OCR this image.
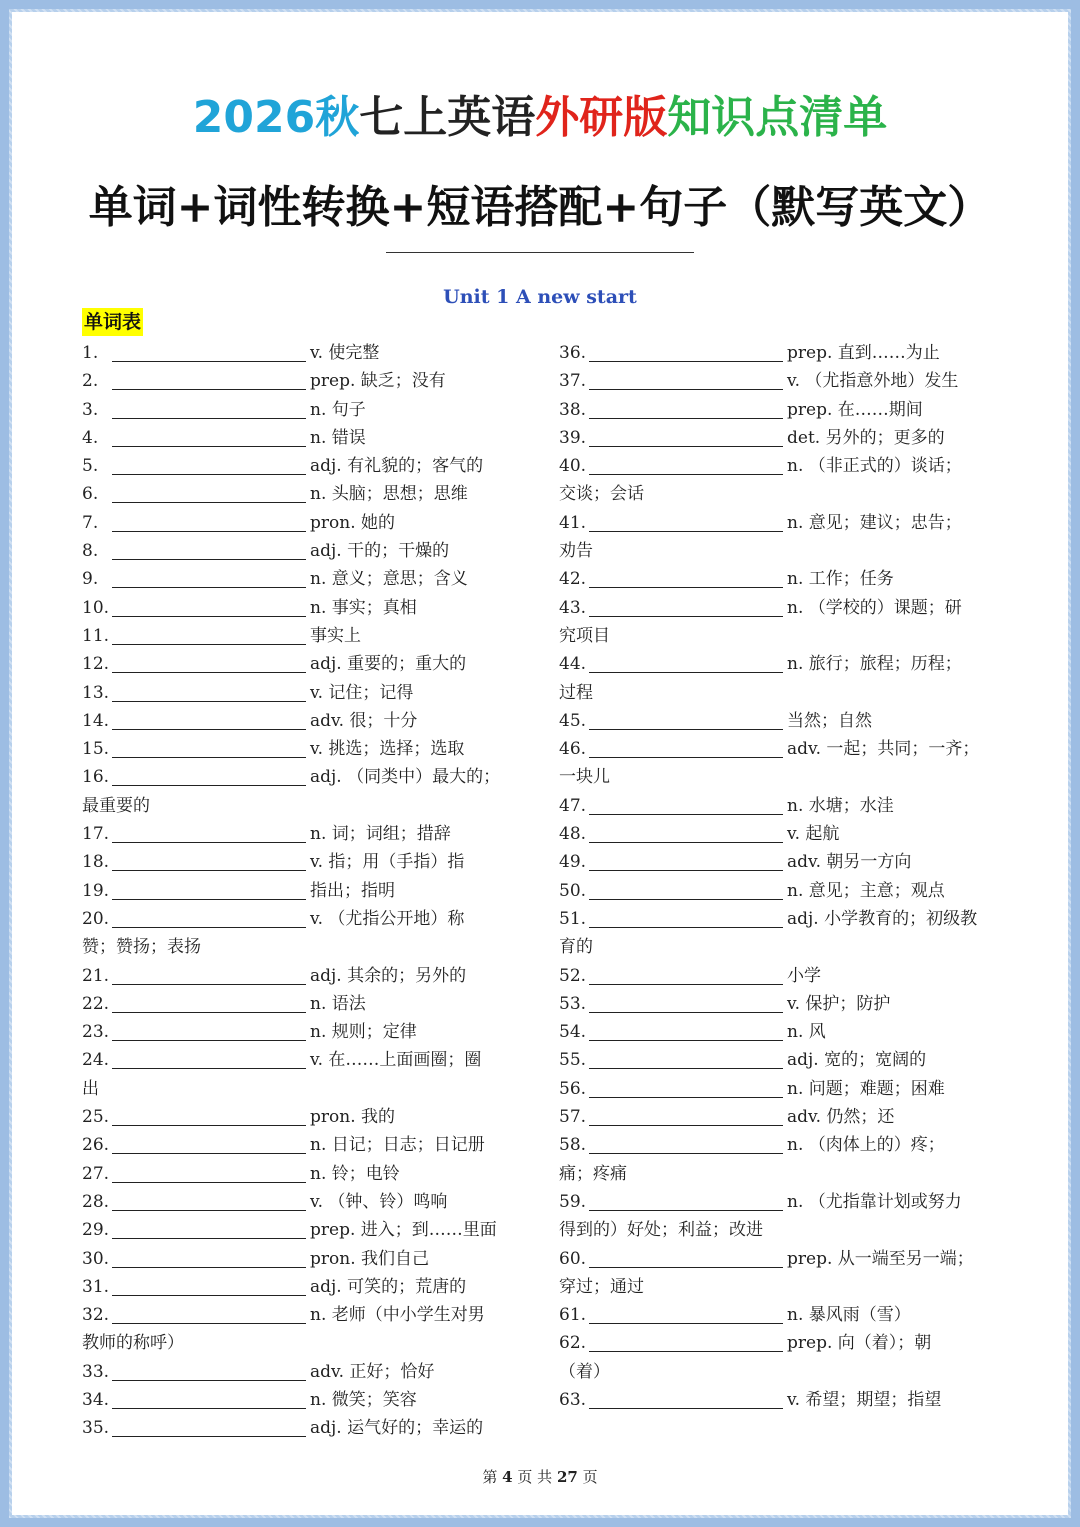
2026秋七上英语外研版知识点清单
单词+词性转换+短语搭配+句子（默写英文）
Unit 1 A new start
单词表
1.	v. 使完整
2.	prep. 缺乏；没有
3.	n. 句子
4.	n. 错误
5.	adj. 有礼貌的；客气的
6.	n. 头脑；思想；思维
7.	pron. 她的
8.	adj. 干的；干燥的
9.	n. 意义；意思；含义
10.	n. 事实；真相
11.	事实上
12.	adj. 重要的；重大的
13.	v. 记住；记得
14.	adv. 很；十分
15.	v. 挑选；选择；选取
16.	adj. （同类中）最大的；
最重要的
17.	n. 词；词组；措辞
18.	v. 指；用（手指）指
19.	指出；指明
20.	v. （尤指公开地）称
赞；赞扬；表扬
21.	adj. 其余的；另外的
22.	n. 语法
23.	n. 规则；定律
24.	v. 在……上面画圈；圈
出
25.	pron. 我的
26.	n. 日记；日志；日记册
27.	n. 铃；电铃
28.	v. （钟、铃）鸣响
29.	prep. 进入；到……里面
30.	pron. 我们自己
31.	adj. 可笑的；荒唐的
32.	n. 老师（中小学生对男
教师的称呼）
33.	adv. 正好；恰好
34.	n. 微笑；笑容
35.	adj. 运气好的；幸运的
36.	prep. 直到……为止
37.	v. （尤指意外地）发生
38.	prep. 在……期间
39.	det. 另外的；更多的
40.	n. （非正式的）谈话；
交谈；会话
41.	n. 意见；建议；忠告；
劝告
42.	n. 工作；任务
43.	n. （学校的）课题；研
究项目
44.	n. 旅行；旅程；历程；
过程
45.	当然；自然
46.	adv. 一起；共同；一齐；
一块儿
47.	n. 水塘；水洼
48.	v. 起航
49.	adv. 朝另一方向
50.	n. 意见；主意；观点
51.	adj. 小学教育的；初级教
育的
52.	小学
53.	v. 保护；防护
54.	n. 风
55.	adj. 宽的；宽阔的
56.	n. 问题；难题；困难
57.	adv. 仍然；还
58.	n. （肉体上的）疼；
痛；疼痛
59.	n. （尤指靠计划或努力
得到的）好处；利益；改进
60.	prep. 从一端至另一端；
穿过；通过
61.	n. 暴风雨（雪）
62.	prep. 向（着）；朝
（着）
63.	v. 希望；期望；指望
第 4 页 共 27 页
